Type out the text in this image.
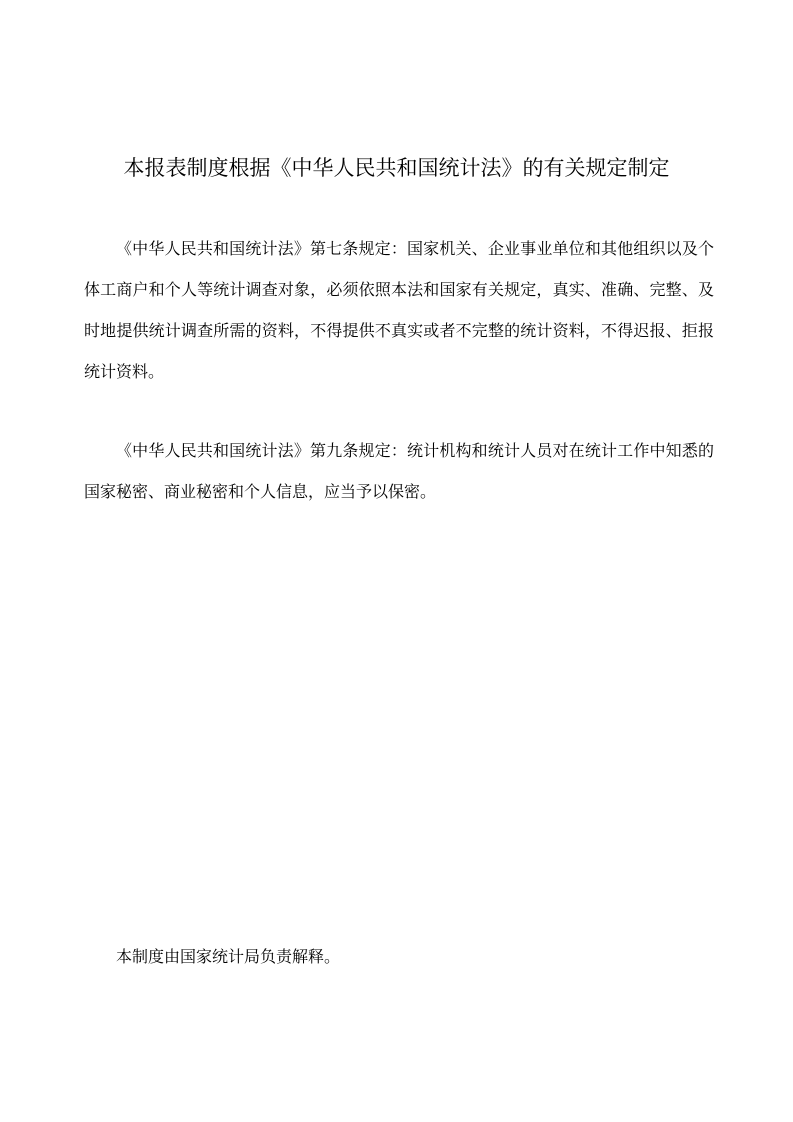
本报表制度根据《中华人民共和国统计法》的有关规定制定

《中华人民共和国统计法》第七条规定：国家机关、企业事业单位和其他组织以及个体工商户和个人等统计调查对象，必须依照本法和国家有关规定，真实、准确、完整、及时地提供统计调查所需的资料，不得提供不真实或者不完整的统计资料，不得迟报、拒报统计资料。

《中华人民共和国统计法》第九条规定：统计机构和统计人员对在统计工作中知悉的国家秘密、商业秘密和个人信息，应当予以保密。

本制度由国家统计局负责解释。
